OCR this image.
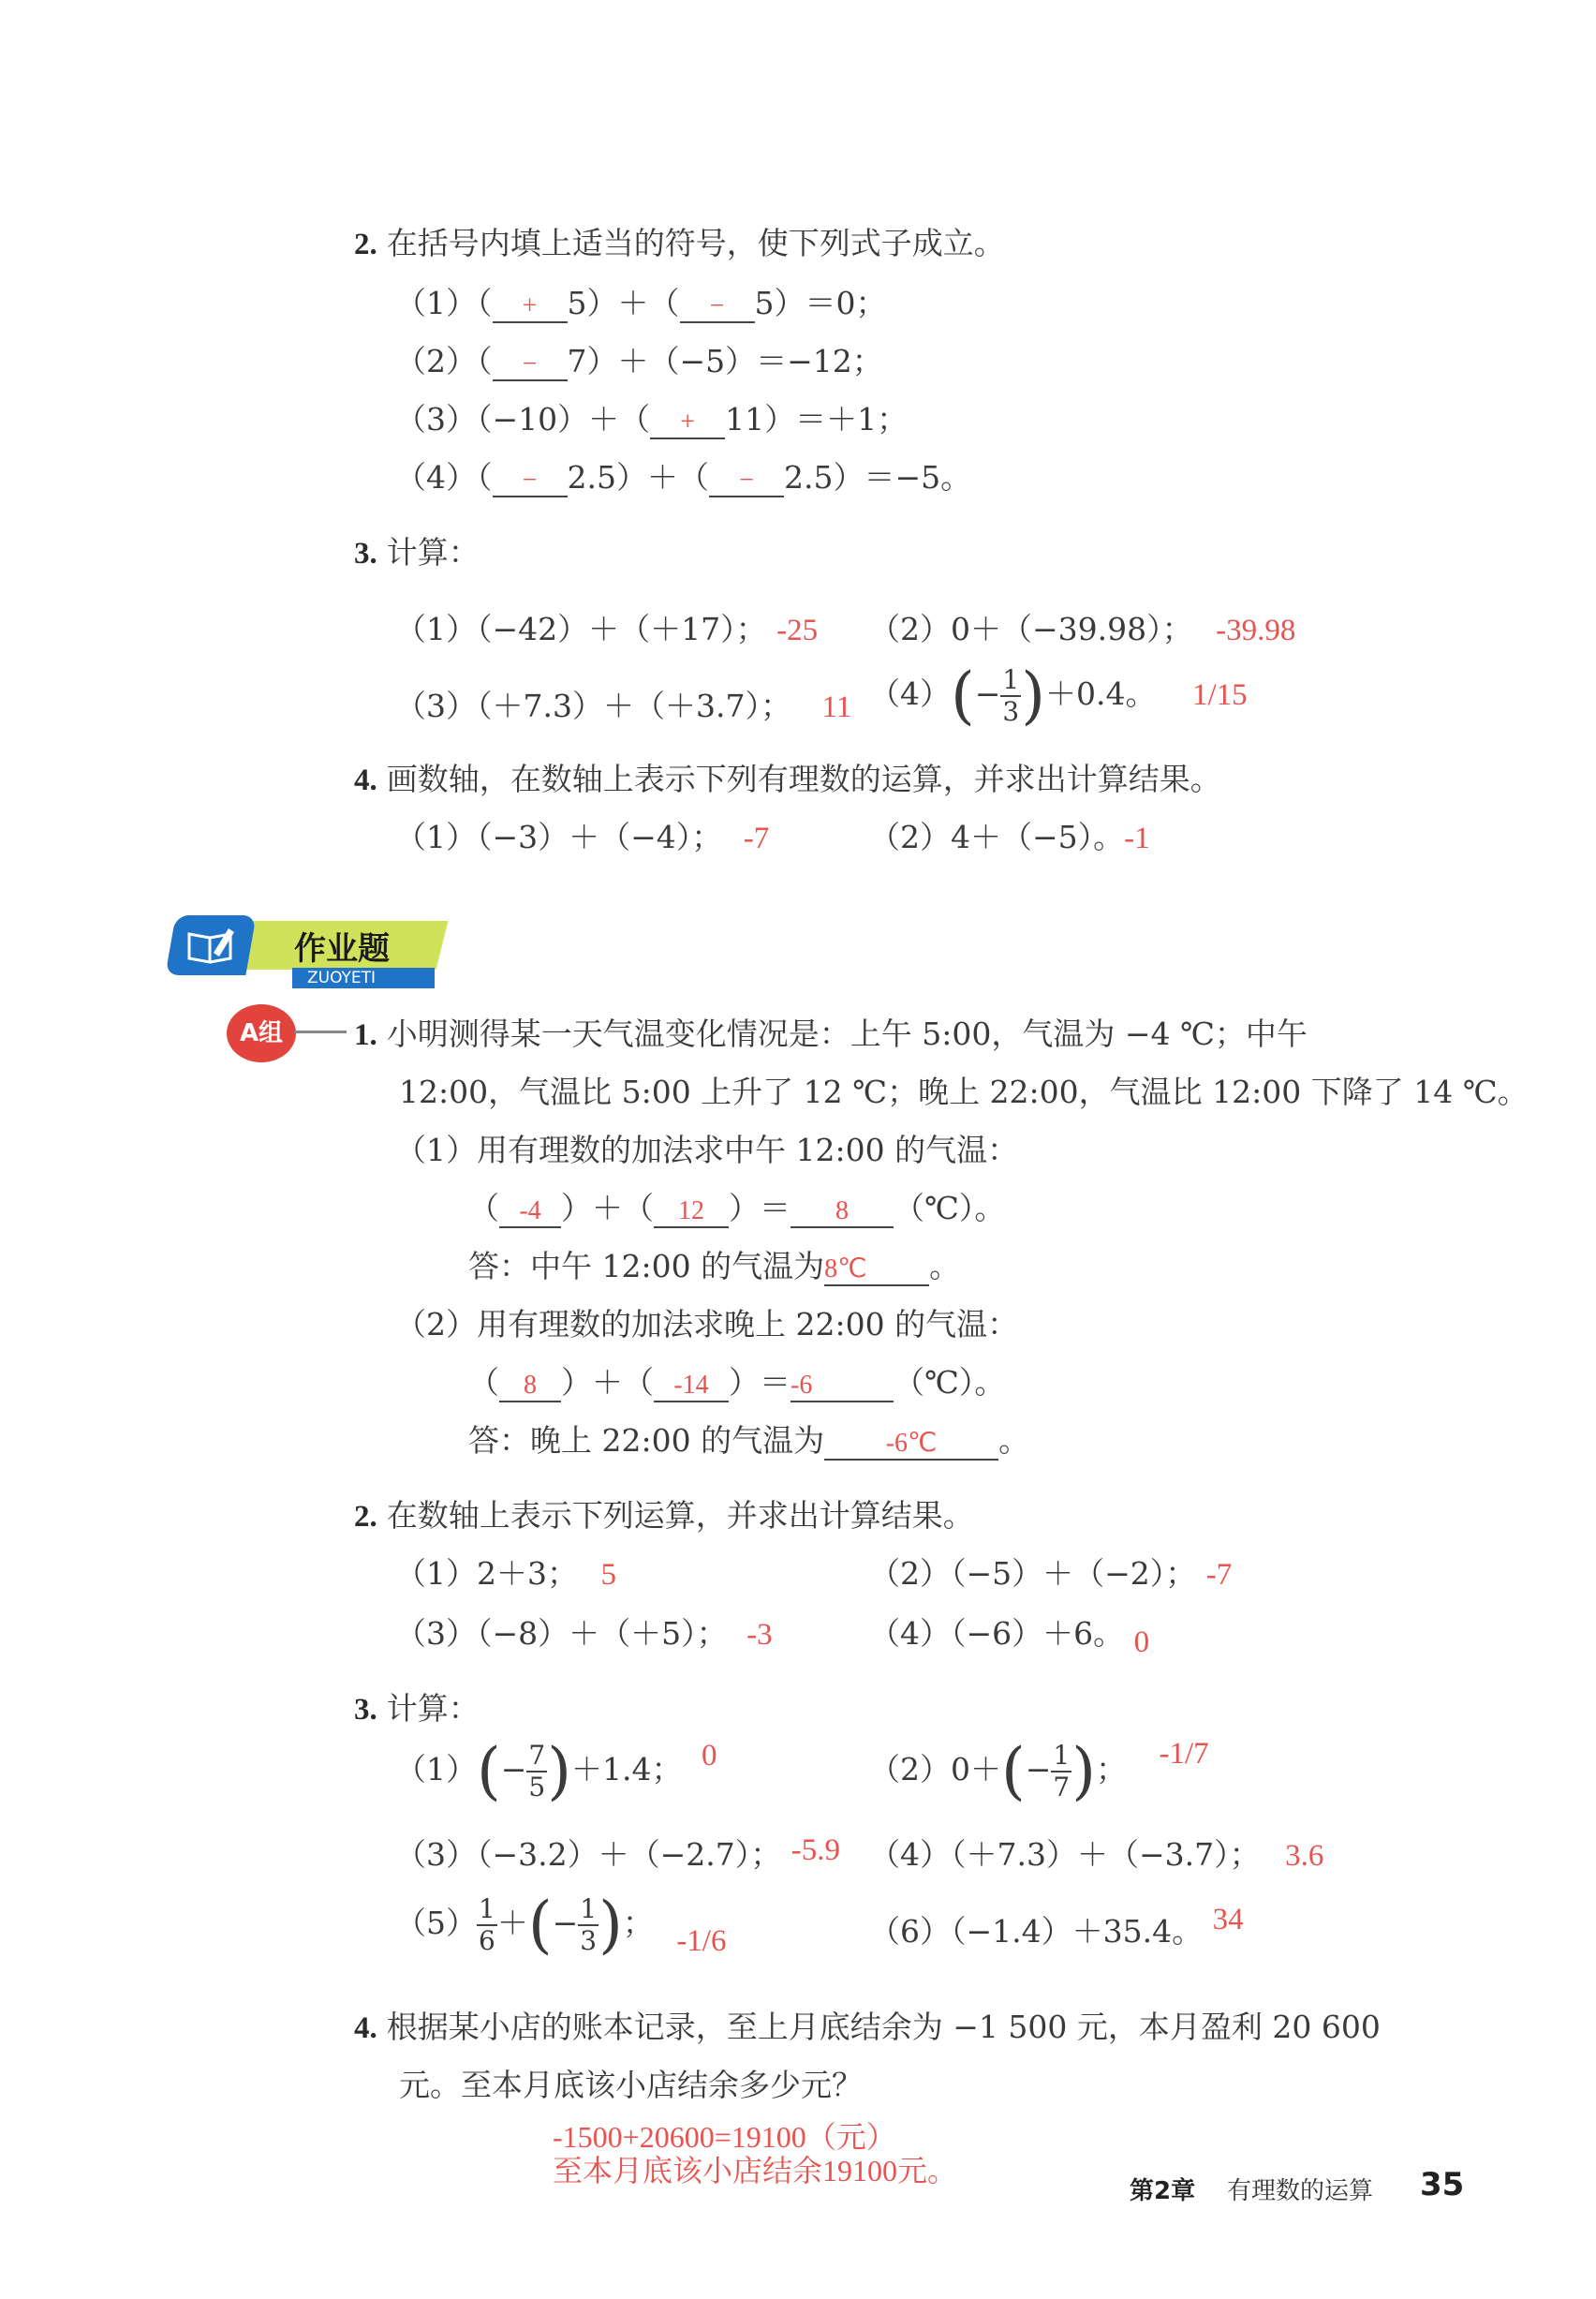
2. 在括号内填上适当的符号，使下列式子成立。
（1）（ + 5）＋（ − 5）＝0；
（2）（ − 7）＋（−5）＝−12；
（3）（−10）＋（ + 11）＝＋1；
（4）（ − 2.5）＋（ − 2.5）＝−5。
3. 计算：
（1）（−42）＋（＋17）； -25 （2）0＋（−39.98）； -39.98
（3）（＋7.3）＋（＋3.7）； 11 $(4)(- \frac{1}{3} )+0.4$。 1/15
4. 画数轴，在数轴上表示下列有理数的运算，并求出计算结果。
（1）（−3）＋（−4）； -7	（2）4＋（−5）。-1
作业题
ZUOYETI
A组	1. 小明测得某一天气温变化情况是：上午 5:00，气温为 −4 ℃；中午
12:00，气温比 5:00 上升了 12 ℃；晚上 22:00，气温比 12:00 下降了 14 ℃。
（1）用有理数的加法求中午 12:00 的气温：
（ -4 ）＋（ 12 ）＝ 8 （℃）。
答：中午 12:00 的气温为8℃ 。
（2）用有理数的加法求晚上 22:00 的气温：
（ 8 ）＋（ -14 ）＝-6	（℃）。
答：晚上 22:00 的气温为 -6℃ 。
2. 在数轴上表示下列运算，并求出计算结果。
（1）2＋3； 5	（2）（−5）＋（−2）； -7
（3）（−8）＋（＋5）； -3	（4）（−6）＋6。 0
3. 计算：
$(1)(- \frac{7}{5} )+1.4$； 0	$(2)0+(- \frac{1}{7}$ )； -1/7
（3）（−3.2）＋（−2.7）； -5.9 （4）（＋7.3）＋（−3.7）； 3.6
$(5) \frac{1}{6}$ ＋(− $\frac{1}{3}$ )； -1/6	（6）（−1.4）＋35.4。 34
4. 根据某小店的账本记录，至上月底结余为 −1 500 元，本月盈利 20 600
元。至本月底该小店结余多少元？
-1500+20600=19100（元）
至本月底该小店结余19100元。
第2章 有理数的运算 35
